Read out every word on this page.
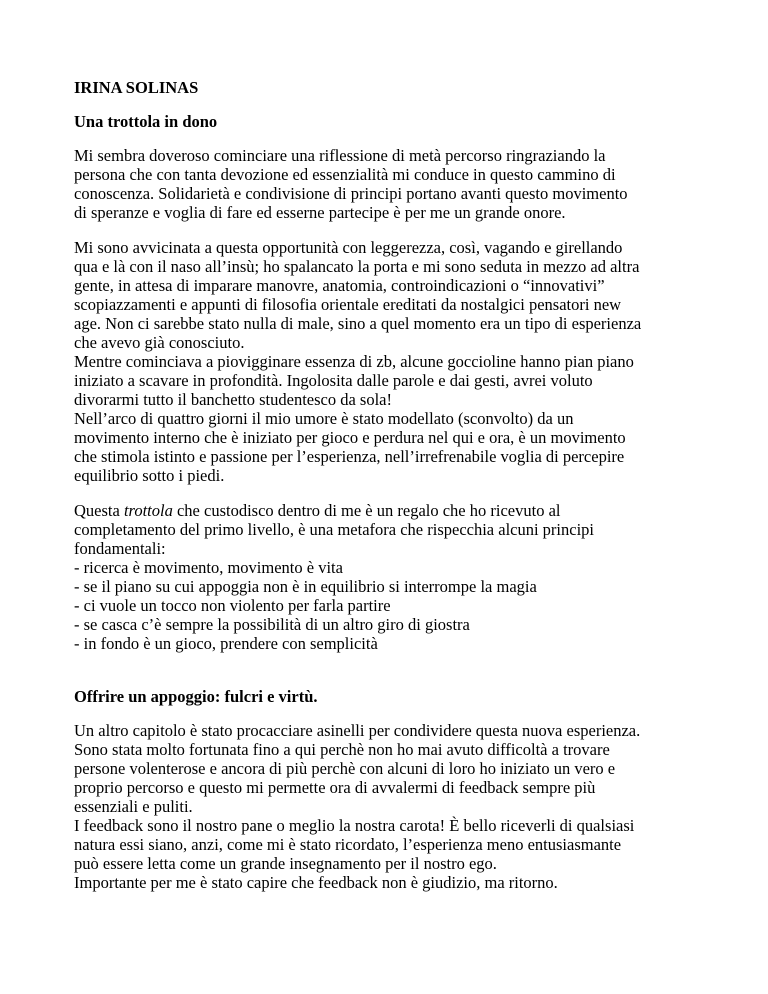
IRINA SOLINAS
Una trottola in dono
Mi sembra doveroso cominciare una riflessione di metà percorso ringraziando la
persona che con tanta devozione ed essenzialità mi conduce in questo cammino di
conoscenza. Solidarietà e condivisione di principi portano avanti questo movimento
di speranze e voglia di fare ed esserne partecipe è per me un grande onore.
Mi sono avvicinata a questa opportunità con leggerezza, così, vagando e girellando
qua e là con il naso all’insù; ho spalancato la porta e mi sono seduta in mezzo ad altra
gente, in attesa di imparare manovre, anatomia, controindicazioni o “innovativi”
scopiazzamenti e appunti di filosofia orientale ereditati da nostalgici pensatori new
age. Non ci sarebbe stato nulla di male, sino a quel momento era un tipo di esperienza
che avevo già conosciuto.
Mentre cominciava a piovigginare essenza di zb, alcune goccioline hanno pian piano
iniziato a scavare in profondità. Ingolosita dalle parole e dai gesti, avrei voluto
divorarmi tutto il banchetto studentesco da sola!
Nell’arco di quattro giorni il mio umore è stato modellato (sconvolto) da un
movimento interno che è iniziato per gioco e perdura nel qui e ora, è un movimento
che stimola istinto e passione per l’esperienza, nell’irrefrenabile voglia di percepire
equilibrio sotto i piedi.
Questa trottola che custodisco dentro di me è un regalo che ho ricevuto al
completamento del primo livello, è una metafora che rispecchia alcuni principi
fondamentali:
- ricerca è movimento, movimento è vita
- se il piano su cui appoggia non è in equilibrio si interrompe la magia
- ci vuole un tocco non violento per farla partire
- se casca c’è sempre la possibilità di un altro giro di giostra
- in fondo è un gioco, prendere con semplicità
Offrire un appoggio: fulcri e virtù.
Un altro capitolo è stato procacciare asinelli per condividere questa nuova esperienza.
Sono stata molto fortunata fino a qui perchè non ho mai avuto difficoltà a trovare
persone volenterose e ancora di più perchè con alcuni di loro ho iniziato un vero e
proprio percorso e questo mi permette ora di avvalermi di feedback sempre più
essenziali e puliti.
I feedback sono il nostro pane o meglio la nostra carota! È bello riceverli di qualsiasi
natura essi siano, anzi, come mi è stato ricordato, l’esperienza meno entusiasmante
può essere letta come un grande insegnamento per il nostro ego.
Importante per me è stato capire che feedback non è giudizio, ma ritorno.
